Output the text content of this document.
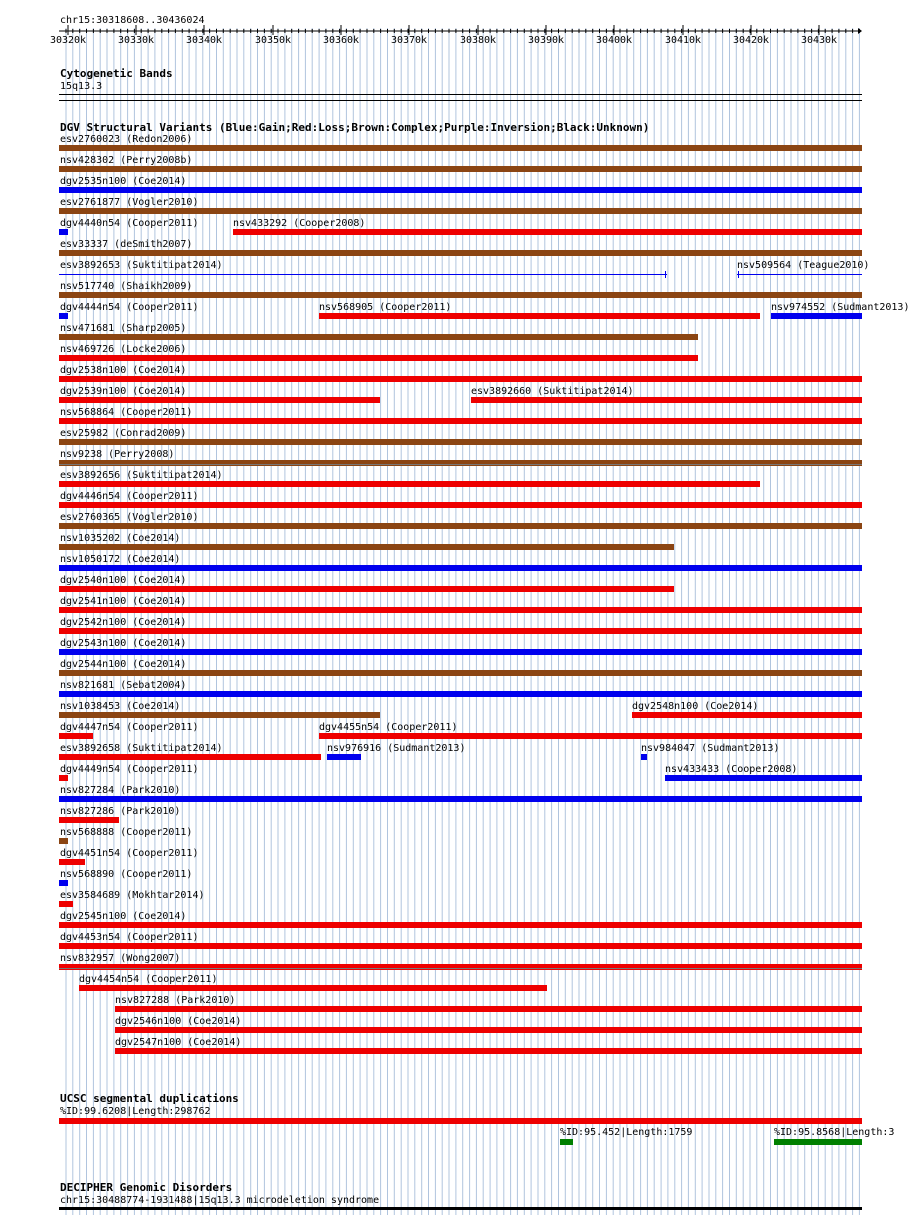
chr15:30318608..30436024
30320k	30330k	30340k	30350k	30360k	30370k	30380k	30390k	30400k	30410k	30420k	30430k
Cytogenetic Bands
15q13.3
DGV Structural Variants (Blue:Gain;Red:Loss;Brown:Complex;Purple:Inversion;Black:Unknown)
esv2760023 (Redon2006)
nsv428302 (Perry2008b)
dgv2535n100 (Coe2014)
esv2761877 (Vogler2010)
dgv4440n54 (Cooper2011)	nsv433292 (Cooper2008)
esv33337 (deSmith2007)
esv3892653 (Suktitipat2014)	nsv509564 (Teague2010)
nsv517740 (Shaikh2009)
dgv4444n54 (Cooper2011)	nsv568905 (Cooper2011)	nsv974552 (Sudmant2013)
nsv471681 (Sharp2005)
nsv469726 (Locke2006)
dgv2538n100 (Coe2014)
dgv2539n100 (Coe2014)	esv3892660 (Suktitipat2014)
nsv568864 (Cooper2011)
esv25982 (Conrad2009)
nsv9238 (Perry2008)
esv3892656 (Suktitipat2014)
dgv4446n54 (Cooper2011)
esv2760365 (Vogler2010)
nsv1035202 (Coe2014)
nsv1050172 (Coe2014)
dgv2540n100 (Coe2014)
dgv2541n100 (Coe2014)
dgv2542n100 (Coe2014)
dgv2543n100 (Coe2014)
dgv2544n100 (Coe2014)
nsv821681 (Sebat2004)
nsv1038453 (Coe2014)	dgv2548n100 (Coe2014)
dgv4447n54 (Cooper2011)	dgv4455n54 (Cooper2011)
esv3892658 (Suktitipat2014)	nsv976916 (Sudmant2013)	nsv984047 (Sudmant2013)
dgv4449n54 (Cooper2011)	nsv433433 (Cooper2008)
nsv827284 (Park2010)
nsv827286 (Park2010)
nsv568888 (Cooper2011)
dgv4451n54 (Cooper2011)
nsv568890 (Cooper2011)
esv3584689 (Mokhtar2014)
dgv2545n100 (Coe2014)
dgv4453n54 (Cooper2011)
nsv832957 (Wong2007)
dgv4454n54 (Cooper2011)
nsv827288 (Park2010)
dgv2546n100 (Coe2014)
dgv2547n100 (Coe2014)
UCSC segmental duplications
%ID:99.6208|Length:298762
%ID:95.452|Length:1759	%ID:95.8568|Length:3
DECIPHER Genomic Disorders
chr15:30488774-1931488|15q13.3 microdeletion syndrome
